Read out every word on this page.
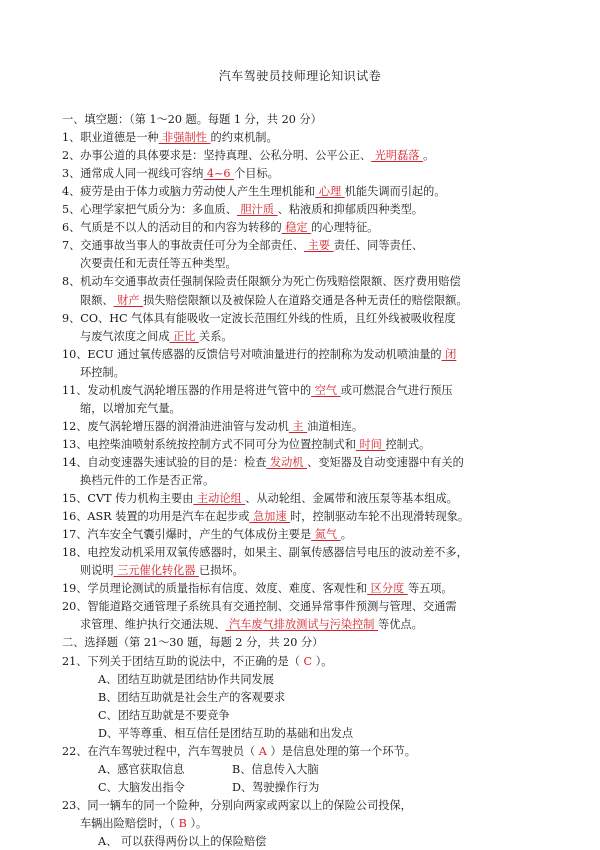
汽车驾驶员技师理论知识试卷
一、填空题：（第 1～20 题。每题 1 分，共 20 分）
1、职业道德是一种 非强制性 的约束机制。
2、办事公道的具体要求是：坚持真理、公私分明、公平公正、 光明磊落 。
3、通常成人同一视线可容纳 4~6 个目标。
4、疲劳是由于体力或脑力劳动使人产生生理机能和 心理 机能失调而引起的。
5、心理学家把气质分为：多血质、 胆汁质 、粘液质和抑郁质四种类型。
6、气质是不以人的活动目的和内容为转移的 稳定 的心理特征。
7、交通事故当事人的事故责任可分为全部责任、 主要 责任、同等责任、
次要责任和无责任等五种类型。
8、机动车交通事故责任强制保险责任限额分为死亡伤残赔偿限额、医疗费用赔偿
限额、 财产 损失赔偿限额以及被保险人在道路交通是各种无责任的赔偿限额。
9、CO、HC 气体具有能吸收一定波长范围红外线的性质，且红外线被吸收程度
与废气浓度之间成 正比 关系。
10、ECU 通过氧传感器的反馈信号对喷油量进行的控制称为发动机喷油量的 闭
环控制。
11、发动机废气涡轮增压器的作用是将进气管中的 空气 或可燃混合气进行预压
缩，以增加充气量。
12、废气涡轮增压器的润滑油进油管与发动机 主 油道相连。
13、电控柴油喷射系统按控制方式不同可分为位置控制式和 时间 控制式。
14、自动变速器失速试验的目的是：检查 发动机 、变矩器及自动变速器中有关的
换档元件的工作是否正常。
15、CVT 传力机构主要由 主动论组 、从动轮组、金属带和液压泵等基本组成。
16、ASR 装置的功用是汽车在起步或 急加速 时，控制驱动车轮不出现滑转现象。
17、汽车安全气囊引爆时，产生的气体成份主要是 氮气 。
18、电控发动机采用双氧传感器时，如果主、副氧传感器信号电压的波动差不多，
则说明 三元催化转化器 已损坏。
19、学员理论测试的质量指标有信度、效度、难度、客观性和 区分度 等五项。
20、智能道路交通管理子系统具有交通控制、交通异常事件预测与管理、交通需
求管理、维护执行交通法规、 汽车废气排放测试与污染控制 等优点。
二、选择题（第 21～30 题，每题 2 分，共 20 分）
21、下列关于团结互助的说法中，不正确的是（ C ）。
A、团结互助就是团结协作共同发展
B、团结互助就是社会生产的客观要求
C、团结互助就是不要竞争
D、平等尊重、相互信任是团结互助的基础和出发点
22、在汽车驾驶过程中，汽车驾驶员（ A ）是信息处理的第一个环节。
A、感官获取信息	B、信息传入大脑
C、大脑发出指令	D、驾驶操作行为
23、同一辆车的同一个险种，分别向两家或两家以上的保险公司投保，
车辆出险赔偿时，（ B ）。
A、 可以获得两份以上的保险赔偿
